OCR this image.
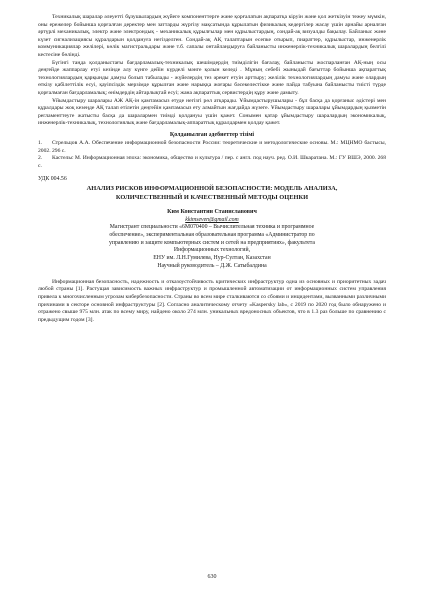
Техникалық шаралар әлеуетті бұзушылардың жүйеге компоненттерге және қорғалатын ақпаратқа кіруін және қол жеткізуін тежеу мүмкін, оны ережелер бойынша қорғалған деректер мен заттарды жүргізу мақсатында құрылатын физикалық кедергілер жасау үшін арнайы арналған әртүрлі механикалық, электр және электрондық - механикалық құрылғылар мен құрылыстардың, сондай-ақ визуалды бақылау. Байланыс және күзет сигнализациясы құралдарын қолдануға негізделген. Сондай-ақ АҚ талаптарын есепке отырып, пиараттер, құрылыстар, инженерлік коммуникациялар желілері, көлік магистральдары және т.б. сапалы онтайландыруға байланысты инженерлік-техникалық шаралардың белгілі кестесіне бөлінді.

Бүгінгі таңда қолданыстағы бағдарламалық-техникалық шешімдердің тиімділігін бағалау, байланысты жоспарланған АҚ-ның осы деңгейде жаппарлау етуі кезінде алу күнге дейін күрделі мәнге қолын келеді . Мұның себебі жыныдай бағыттар бойынша ақпараттық технологиялардың қарқынды дамуы болып табылады - жүйелердің тез әрекет етуін арттыру; желілік технологиялардың дамуы және олардың өткізу қабілеттілік есуі, қауіпсіздік мерзімде құрылған және нарыққа жоғары бәсекелестікке және пайда табуына байланысты тиісті түрде қорғалмаған бағдарламалық; өнімдердің айтарлықтай есуі; жана ақпараттық сервистердің құру және дамыту.

Ұйымдастыру шаралары АЖ АҚ-ін қамтамасыз етуде негізгі рөл атқарады. Ұйымдастырушылары - бұл басқа да қорғаныс әдістері мен құралдары жоқ кезеңде АҚ талап етілетін деңгейін қамтамасыз ету алмайтын жағдайда жүзеге. Ұйымдастыру шаралары ұйымдардың қызметін регламенттеуге жатысты басқа да шаралармен тиімді қолдануы үшін қажет. Сонымен қатар ұйымдастыру шаралардың экономикалық, инженерлік-техникалық, технологиялық және бағдарламалық-аппараттық құралдармен қолдау қажет.

Қолданылған әдебиеттер тізімі

1. Стрельцов А.А. Обеспечение информационной безопасности России: теоретические и методологические основы. М.: МЦНМО бастысы, 2002. 296 с.

2. Кастельс М. Информационная эпоха: экономика, общество и культура / пер. с англ. под науч. ред. О.И. Шкаратана. М.: ГУ ВШЭ, 2000. 268 с.

УДК 004.56

АНАЛИЗ РИСКОВ ИНФОРМАЦИОННОЙ БЕЗОПАСНОСТИ: МОДЕЛЬ АНАЛИЗА,

КОЛИЧЕСТВЕННЫЙ И КАЧЕСТВЕННЫЙ МЕТОДЫ ОЦЕНКИ

Ким Константин Станиславович

kkimseven@gmail.com

Магистрант специальности «6М070400 – Вычислительная техника и программное

обеспечение», экспериментальная образовательная программа «Администратор по

управлению и защите компьютерных систем и сетей на предприятиях», факультета

Информационных технологий,

ЕНУ им. Л.Н.Гумилева, Нур-Султан, Казахстан

Научный руководитель – Д.Ж. Сатыбалдина

Информационная безопасность, надежность и отказоустойчивость критических инфраструктур одна из основных и приоритетных задач любой страны [1]. Растущая зависимость важных инфраструктур и промышленной автоматизации от информационных систем управления привела к многочисленным угрозам кибербезопасности. Страны во всем мире сталкиваются со сбоями и инцидентами, вызванными различными причинами в секторе основной инфраструктуры [2]. Согласно аналитическому отчету «Kaspersky lab», с 2019 по 2020 год было обнаружено и отражено свыше 975 млн. атак по всему миру, найдено около 274 млн. уникальных вредоносных объектов, что в 1.3 раз больше по сравнению с предыдущим годом [3].

630
